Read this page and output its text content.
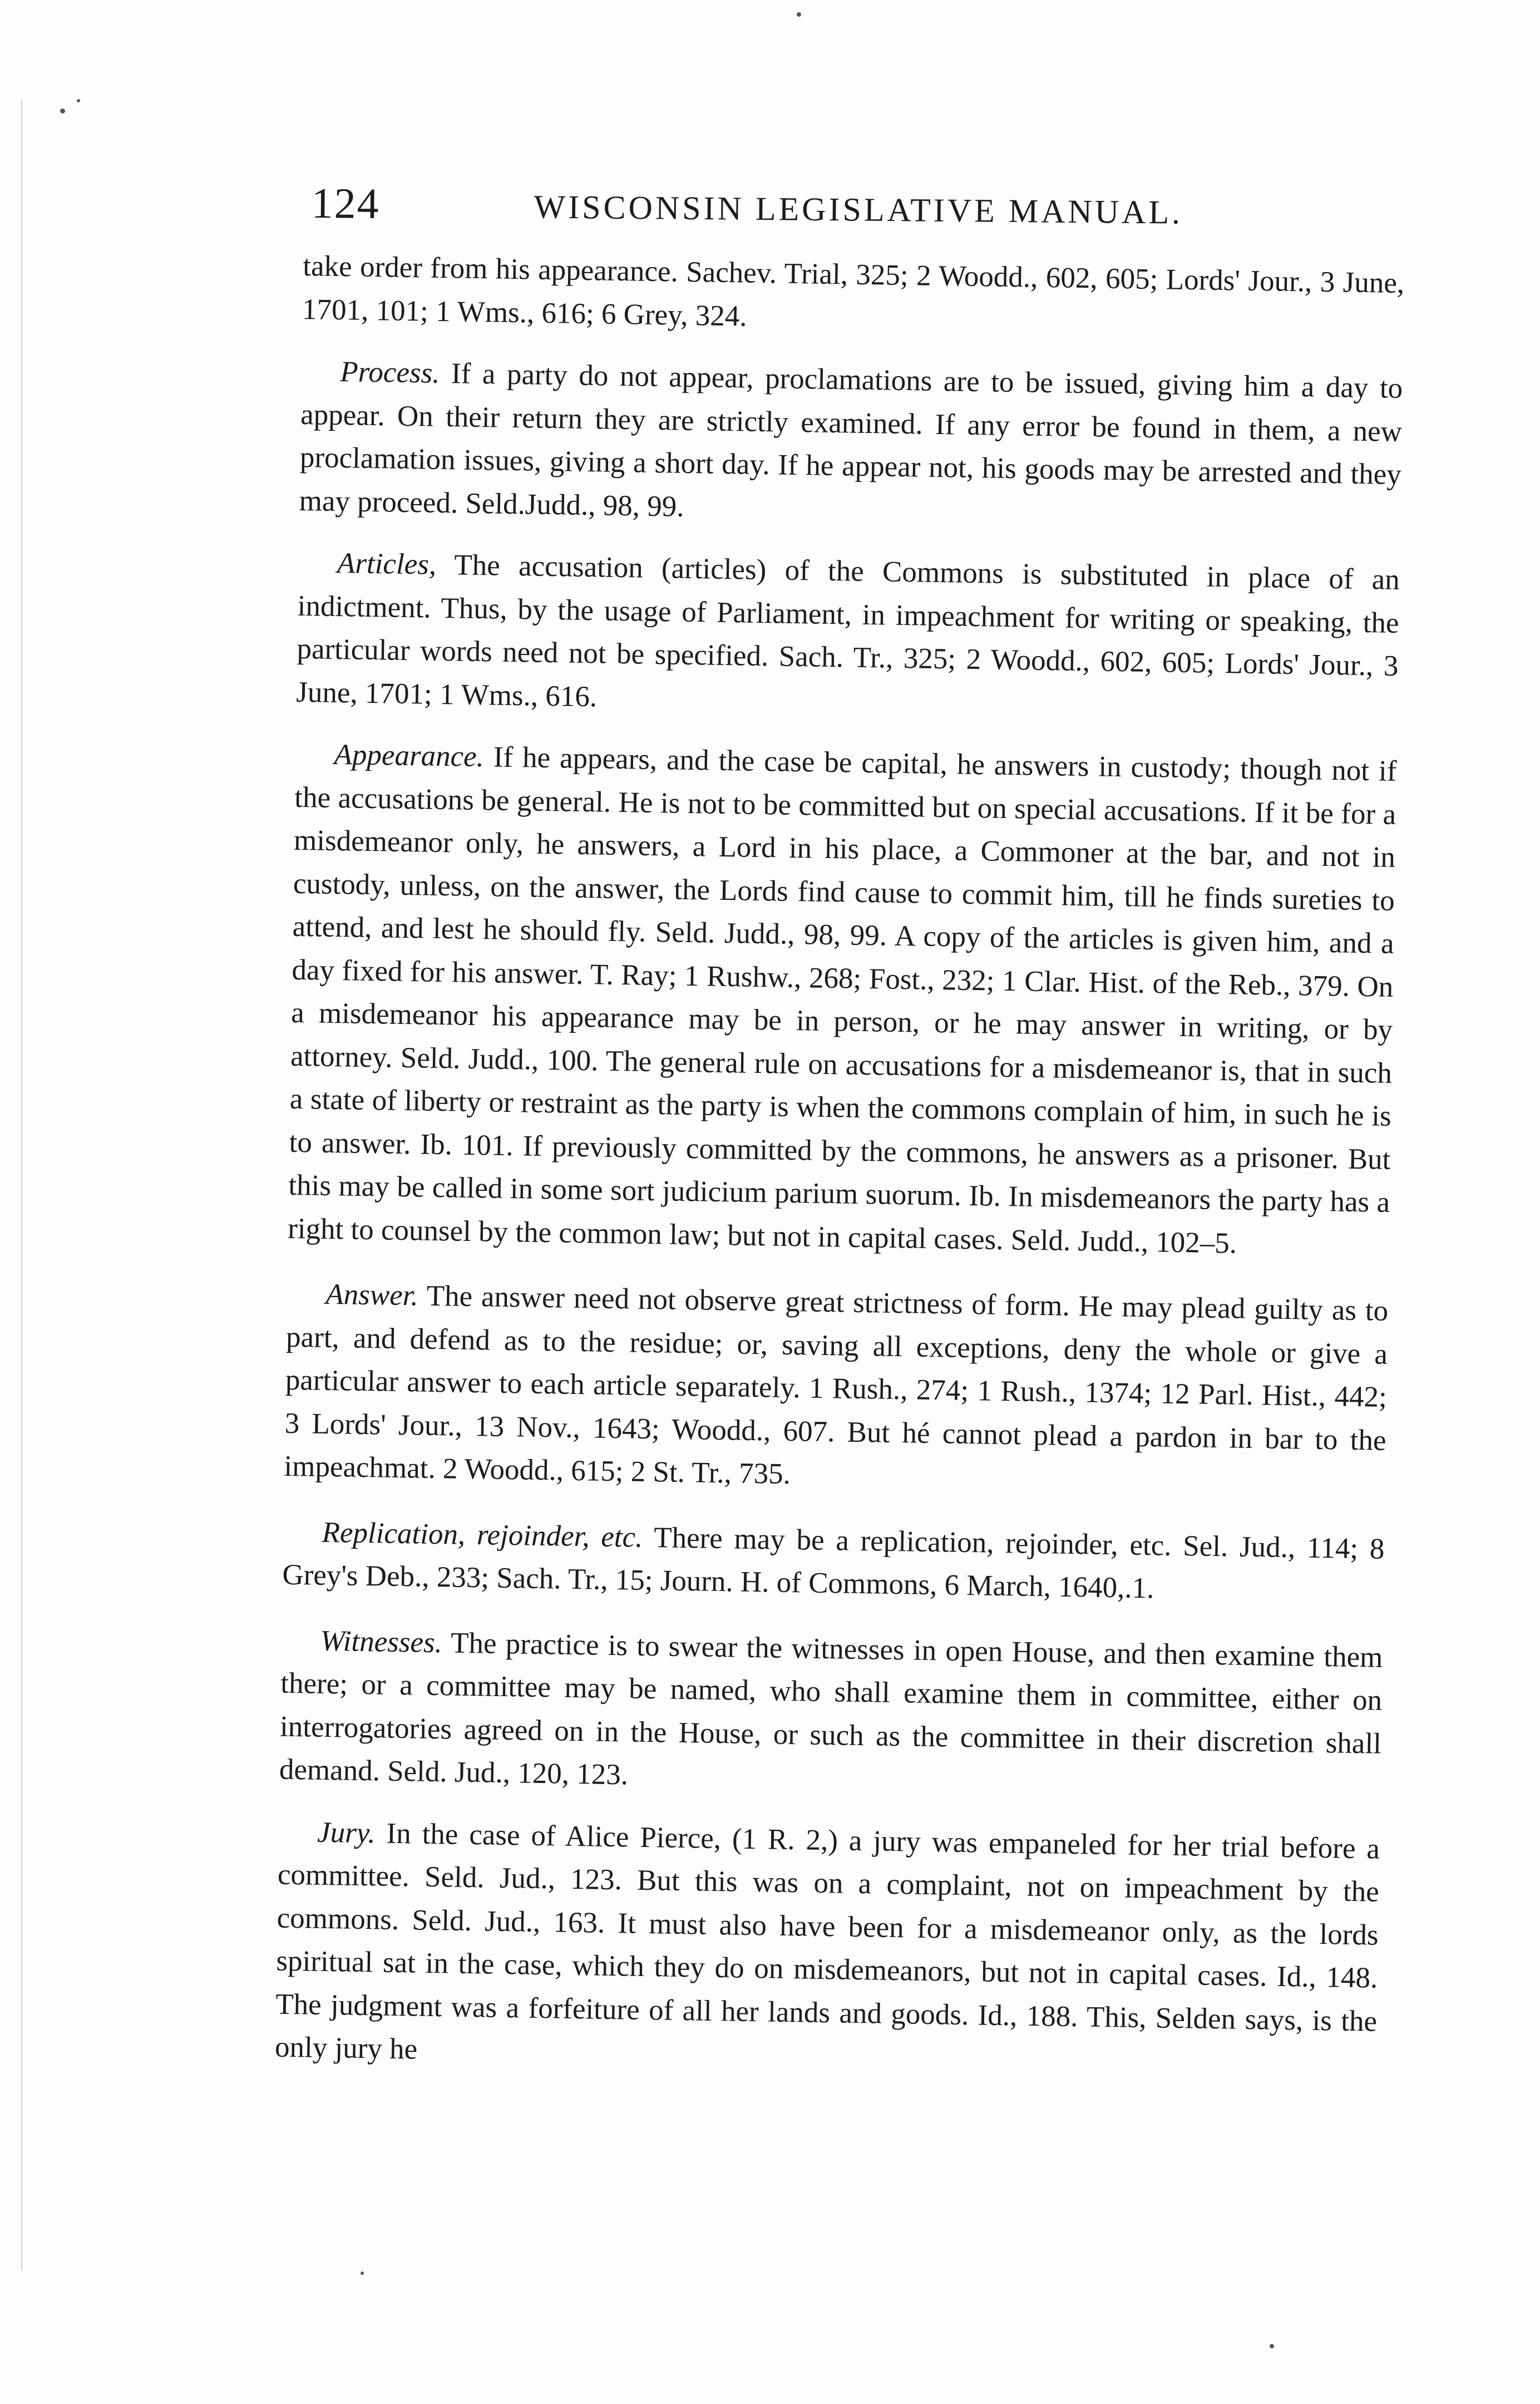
124	WISCONSIN LEGISLATIVE MANUAL.

take order from his appearance. Sachev. Trial, 325; 2 Woodd., 602, 605; Lords' Jour., 3 June, 1701, 101; 1 Wms., 616; 6 Grey, 324.

Process. If a party do not appear, proclamations are to be issued, giving him a day to appear. On their return they are strictly examined. If any error be found in them, a new proclamation issues, giving a short day. If he appear not, his goods may be arrested and they may proceed. Seld.Judd., 98, 99.

Articles, The accusation (articles) of the Commons is substituted in place of an indictment. Thus, by the usage of Parliament, in impeachment for writing or speaking, the particular words need not be specified. Sach. Tr., 325; 2 Woodd., 602, 605; Lords' Jour., 3 June, 1701; 1 Wms., 616.

Appearance. If he appears, and the case be capital, he answers in custody; though not if the accusations be general. He is not to be committed but on special accusations. If it be for a misdemeanor only, he answers, a Lord in his place, a Commoner at the bar, and not in custody, unless, on the answer, the Lords find cause to commit him, till he finds sureties to attend, and lest he should fly. Seld. Judd., 98, 99. A copy of the articles is given him, and a day fixed for his answer. T. Ray; 1 Rushw., 268; Fost., 232; 1 Clar. Hist. of the Reb., 379. On a misdemeanor his appearance may be in person, or he may answer in writing, or by attorney. Seld. Judd., 100. The general rule on accusations for a misdemeanor is, that in such a state of liberty or restraint as the party is when the commons complain of him, in such he is to answer. Ib. 101. If previously committed by the commons, he answers as a prisoner. But this may be called in some sort judicium parium suorum. Ib. In misdemeanors the party has a right to counsel by the common law; but not in capital cases. Seld. Judd., 102–5.

Answer. The answer need not observe great strictness of form. He may plead guilty as to part, and defend as to the residue; or, saving all exceptions, deny the whole or give a particular answer to each article separately. 1 Rush., 274; 1 Rush., 1374; 12 Parl. Hist., 442; 3 Lords' Jour., 13 Nov., 1643; Woodd., 607. But hé cannot plead a pardon in bar to the impeachmat. 2 Woodd., 615; 2 St. Tr., 735.

Replication, rejoinder, etc. There may be a replication, rejoinder, etc. Sel. Jud., 114; 8 Grey's Deb., 233; Sach. Tr., 15; Journ. H. of Commons, 6 March, 1640,.1.

Witnesses. The practice is to swear the witnesses in open House, and then examine them there; or a committee may be named, who shall examine them in committee, either on interrogatories agreed on in the House, or such as the committee in their discretion shall demand. Seld. Jud., 120, 123.

Jury. In the case of Alice Pierce, (1 R. 2,) a jury was empaneled for her trial before a committee. Seld. Jud., 123. But this was on a complaint, not on impeachment by the commons. Seld. Jud., 163. It must also have been for a misdemeanor only, as the lords spiritual sat in the case, which they do on misdemeanors, but not in capital cases. Id., 148. The judgment was a forfeiture of all her lands and goods. Id., 188. This, Selden says, is the only jury he
